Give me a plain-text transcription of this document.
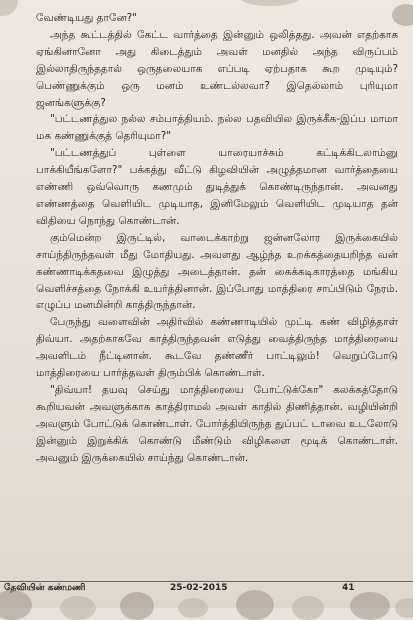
வேண்டியது தானே?"

அந்த கூட்டத்தில் கேட்ட வார்த்தை இன்னும் ஒலித்தது. அவன் எதற்காக ஏங்கினானோ அது கிடைத்தும் அவள் மனதில் அந்த விருப்பம் இல்லாதிருந்ததால் ஒருதலையாக எப்படி ஏற்பதாக கூற முடியும்? பெண்ணுக்கும் ஒரு மனம் உண்டல்லவா? இதெல்லாம் புரியுமா ஜனங்களுக்கு?

"பட்டணத்துல நல்ல சம்பாத்தியம். நல்ல பதவியில இருக்கீக-இப்ப மாமா மக கண்ணுக்குத் தெரியுமா?"

"பட்டணத்துப் புள்ளை யாரையாச்சும் கட்டிக்கிடலாம்னு பாக்கியீங்களோ?" பக்கத்து வீட்டு கிழவியின் அழுத்தமான வார்த்தையை எண்ணி ஒவ்வொரு கணமும் துடித்துக் கொண்டிருந்தான். அவனது எண்ணத்தை வெளியிட முடியாத, இனிமேலும் வெளியிட முடியாத தன் விதியை நொந்து கொண்டான்.

கும்மென்ற இருட்டில், வாடைக்காற்று ஜன்னலோர இருக்கையில் சாய்ந்திருந்தவள் மீது மோதியது. அவளது ஆழ்ந்த உறக்கத்தையறிந்த வன் கண்ணாடிக்கதவை இழுத்து அடைத்தான். தன் கைக்கடிகாரத்தை மங்கிய வெளிச்சத்தை நோக்கி உயர்த்தினான். இப்போது மாத்திரை சாப்பிடும் நேரம். எழுப்ப மனமின்றி காத்திருந்தான்.

பேருந்து வளைவின் அதிர்வில் கண்ணாடியில் முட்டி கண் விழித்தாள் திவ்யா. அதற்காகவே காத்திருந்தவன் எடுத்து வைத்திருந்த மாத்திரையை அவளிடம் நீட்டினான். கூடவே தண்ணீர் பாட்டிலும்! வெறுப்போடு மாத்திரையை பார்த்தவள் திரும்பிக் கொண்டாள்.

"திவ்யா! தயவு செய்து மாத்திரையை போட்டுக்கோ" கலக்கத்தோடு கூறியவன் அவளுக்காக காத்திராமல் அவள் காதில் திணித்தான். வழியின்றி அவளும் போட்டுக் கொண்டாள். போர்த்தியிருந்த துப்பட் டாவை உடலோடு இன்னும் இறுக்கிக் கொண்டு மீண்டும் விழிகளை மூடிக் கொண்டாள். அவனும் இருக்கையில் சாய்ந்து கொண்டான்.

தேவியின் கண்மணி	25-02-2015	41
